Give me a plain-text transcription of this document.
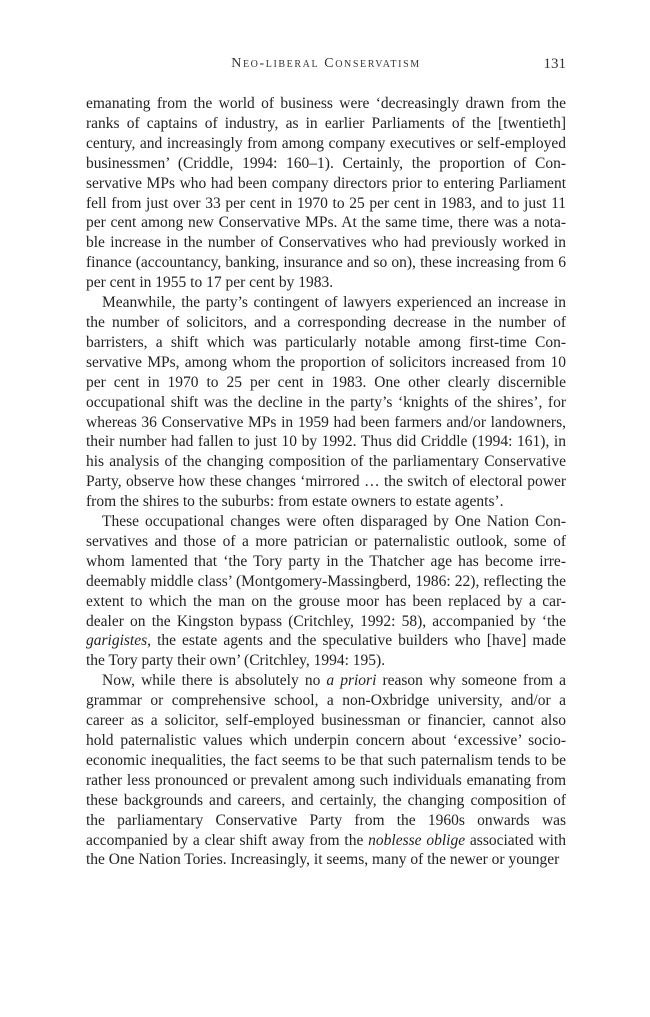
Neo-liberal Conservatism	131

emanating from the world of business were ‘decreasingly drawn from the ranks of captains of industry, as in earlier Parliaments of the [twentieth] century, and increasingly from among company executives or self-employed businessmen’ (Criddle, 1994: 160–1). Certainly, the proportion of Conservative MPs who had been company directors prior to entering Parliament fell from just over 33 per cent in 1970 to 25 per cent in 1983, and to just 11 per cent among new Conservative MPs. At the same time, there was a notable increase in the number of Conservatives who had previously worked in finance (accountancy, banking, insurance and so on), these increasing from 6 per cent in 1955 to 17 per cent by 1983.

Meanwhile, the party’s contingent of lawyers experienced an increase in the number of solicitors, and a corresponding decrease in the number of barristers, a shift which was particularly notable among first-time Conservative MPs, among whom the proportion of solicitors increased from 10 per cent in 1970 to 25 per cent in 1983. One other clearly discernible occupational shift was the decline in the party’s ‘knights of the shires’, for whereas 36 Conservative MPs in 1959 had been farmers and/or landowners, their number had fallen to just 10 by 1992. Thus did Criddle (1994: 161), in his analysis of the changing composition of the parliamentary Conservative Party, observe how these changes ‘mirrored … the switch of electoral power from the shires to the suburbs: from estate owners to estate agents’.

These occupational changes were often disparaged by One Nation Conservatives and those of a more patrician or paternalistic outlook, some of whom lamented that ‘the Tory party in the Thatcher age has become irredeemably middle class’ (Montgomery-Massingberd, 1986: 22), reflecting the extent to which the man on the grouse moor has been replaced by a car-dealer on the Kingston bypass (Critchley, 1992: 58), accompanied by ‘the garigistes, the estate agents and the speculative builders who [have] made the Tory party their own’ (Critchley, 1994: 195).

Now, while there is absolutely no a priori reason why someone from a grammar or comprehensive school, a non-Oxbridge university, and/or a career as a solicitor, self-employed businessman or financier, cannot also hold paternalistic values which underpin concern about ‘excessive’ socioeconomic inequalities, the fact seems to be that such paternalism tends to be rather less pronounced or prevalent among such individuals emanating from these backgrounds and careers, and certainly, the changing composition of the parliamentary Conservative Party from the 1960s onwards was accompanied by a clear shift away from the noblesse oblige associated with the One Nation Tories. Increasingly, it seems, many of the newer or younger
